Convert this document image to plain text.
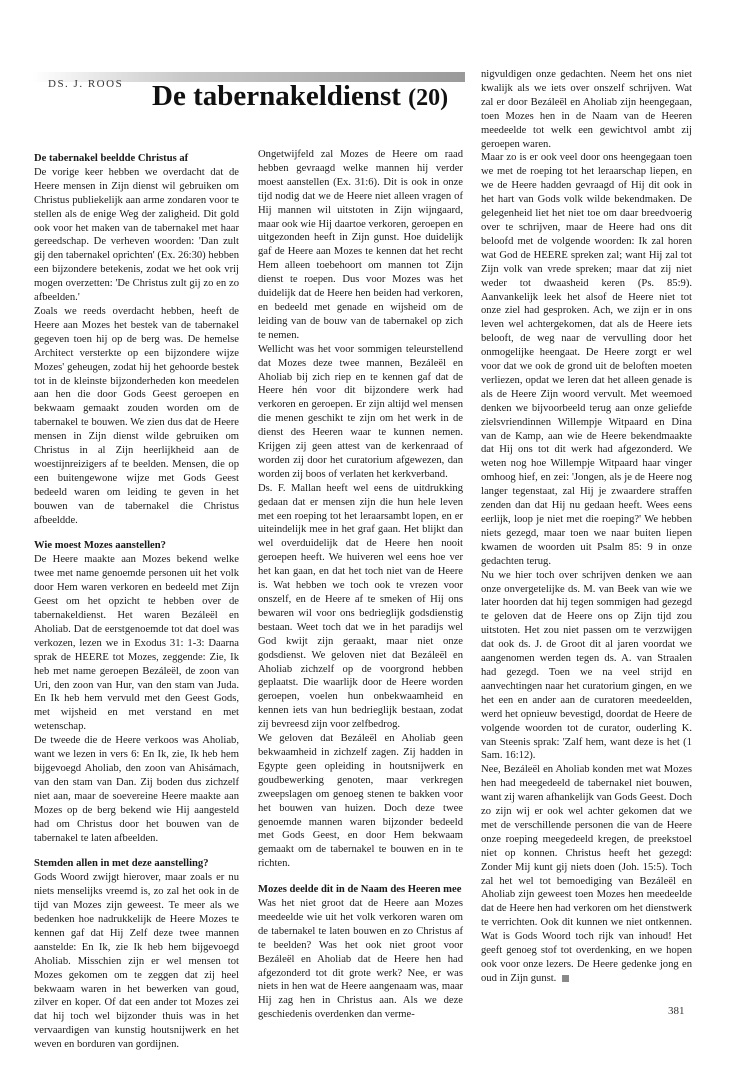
DS. J. ROOS De tabernakeldienst (20)

De tabernakel beeldde Christus af

De vorige keer hebben we overdacht dat de Heere mensen in Zijn dienst wil gebruiken om Christus publiekelijk aan arme zondaren voor te stellen als de enige Weg der zaligheid. Dit gold ook voor het maken van de tabernakel met haar gereedschap. De verheven woorden: 'Dan zult gij den tabernakel oprichten' (Ex. 26:30) hebben een bijzondere betekenis, zodat we het ook vrij mogen overzetten: 'De Christus zult gij zo en zo afbeelden.'

Zoals we reeds overdacht hebben, heeft de Heere aan Mozes het bestek van de tabernakel gegeven toen hij op de berg was. De hemelse Architect versterkte op een bijzondere wijze Mozes' geheugen, zodat hij het gehoorde bestek tot in de kleinste bijzonderheden kon meedelen aan hen die door Gods Geest geroepen en bekwaam gemaakt zouden worden om de tabernakel te bouwen. We zien dus dat de Heere mensen in Zijn dienst wilde gebruiken om Christus in al Zijn heerlijkheid aan de woestijnreizigers af te beelden. Mensen, die op een buitengewone wijze met Gods Geest bedeeld waren om leiding te geven in het bouwen van de tabernakel die Christus afbeeldde.

Wie moest Mozes aanstellen?

De Heere maakte aan Mozes bekend welke twee met name genoemde personen uit het volk door Hem waren verkoren en bedeeld met Zijn Geest om het opzicht te hebben over de tabernakeldienst. Het waren Bezáleël en Aholiab. Dat de eerstgenoemde tot dat doel was verkozen, lezen we in Exodus 31: 1-3: Daarna sprak de HEERE tot Mozes, zeggende: Zie, Ik heb met name geroepen Bezáleël, de zoon van Uri, den zoon van Hur, van den stam van Juda. En Ik heb hem vervuld met den Geest Gods, met wijsheid en met verstand en met wetenschap.

De tweede die de Heere verkoos was Aholiab, want we lezen in vers 6: En Ik, zie, Ik heb hem bijgevoegd Aholiab, den zoon van Ahisámach, van den stam van Dan. Zij boden dus zichzelf niet aan, maar de soevereine Heere maakte aan Mozes op de berg bekend wie Hij aangesteld had om Christus door het bouwen van de tabernakel te laten afbeelden.

Stemden allen in met deze aanstelling?

Gods Woord zwijgt hierover, maar zoals er nu niets menselijks vreemd is, zo zal het ook in de tijd van Mozes zijn geweest. Te meer als we bedenken hoe nadrukkelijk de Heere Mozes te kennen gaf dat Hij Zelf deze twee mannen aanstelde: En Ik, zie Ik heb hem bijgevoegd Aholiab. Misschien zijn er wel mensen tot Mozes gekomen om te zeggen dat zij heel bekwaam waren in het bewerken van goud, zilver en koper. Of dat een ander tot Mozes zei dat hij toch wel bijzonder thuis was in het vervaardigen van kunstig houtsnijwerk en het weven en borduren van gordijnen.

Ongetwijfeld zal Mozes de Heere om raad hebben gevraagd welke mannen hij verder moest aanstellen (Ex. 31:6). Dit is ook in onze tijd nodig dat we de Heere niet alleen vragen of Hij mannen wil uitstoten in Zijn wijngaard, maar ook wie Hij daartoe verkoren, geroepen en uitgezonden heeft in Zijn gunst. Hoe duidelijk gaf de Heere aan Mozes te kennen dat het recht Hem alleen toebehoort om mannen tot Zijn dienst te roepen. Dus voor Mozes was het duidelijk dat de Heere hen beiden had verkoren, en bedeeld met genade en wijsheid om de leiding van de bouw van de tabernakel op zich te nemen.

Wellicht was het voor sommigen teleurstellend dat Mozes deze twee mannen, Bezáleël en Aholiab bij zich riep en te kennen gaf dat de Heere hén voor dit bijzondere werk had verkoren en geroepen. Er zijn altijd wel mensen die menen geschikt te zijn om het werk in de dienst des Heeren waar te kunnen nemen. Krijgen zij geen attest van de kerkenraad of worden zij door het curatorium afgewezen, dan worden zij boos of verlaten het kerkverband.

Ds. F. Mallan heeft wel eens de uitdrukking gedaan dat er mensen zijn die hun hele leven met een roeping tot het leraarsambt lopen, en er uiteindelijk mee in het graf gaan. Het blijkt dan wel overduidelijk dat de Heere hen nooit geroepen heeft. We huiveren wel eens hoe ver het kan gaan, en dat het toch niet van de Heere is. Wat hebben we toch ook te vrezen voor onszelf, en de Heere af te smeken of Hij ons bewaren wil voor ons bedrieglijk godsdienstig bestaan. Weet toch dat we in het paradijs wel God kwijt zijn geraakt, maar niet onze godsdienst. We geloven niet dat Bezáleël en Aholiab zichzelf op de voorgrond hebben geplaatst. Die waarlijk door de Heere worden geroepen, voelen hun onbekwaamheid en kennen iets van hun bedrieglijk bestaan, zodat zij bevreesd zijn voor zelfbedrog.

We geloven dat Bezáleël en Aholiab geen bekwaamheid in zichzelf zagen. Zij hadden in Egypte geen opleiding in houtsnijwerk en goudbewerking genoten, maar verkregen zweepslagen om genoeg stenen te bakken voor het bouwen van huizen. Doch deze twee genoemde mannen waren bijzonder bedeeld met Gods Geest, en door Hem bekwaam gemaakt om de tabernakel te bouwen en in te richten.

Mozes deelde dit in de Naam des Heeren mee

Was het niet groot dat de Heere aan Mozes meedeelde wie uit het volk verkoren waren om de tabernakel te laten bouwen en zo Christus af te beelden? Was het ook niet groot voor Bezáleël en Aholiab dat de Heere hen had afgezonderd tot dit grote werk? Nee, er was niets in hen wat de Heere aangenaam was, maar Hij zag hen in Christus aan. Als we deze geschiedenis overdenken dan verme-

nigvuldigen onze gedachten. Neem het ons niet kwalijk als we iets over onszelf schrijven. Wat zal er door Bezáleël en Aholiab zijn heengegaan, toen Mozes hen in de Naam van de Heeren meedeelde tot welk een gewichtvol ambt zij geroepen waren.

Maar zo is er ook veel door ons heengegaan toen we met de roeping tot het leraarschap liepen, en we de Heere hadden gevraagd of Hij dit ook in het hart van Gods volk wilde bekendmaken. De gelegenheid liet het niet toe om daar breedvoerig over te schrijven, maar de Heere had ons dit beloofd met de volgende woorden: Ik zal horen wat God de HEERE spreken zal; want Hij zal tot Zijn volk van vrede spreken; maar dat zij niet weder tot dwaasheid keren (Ps. 85:9). Aanvankelijk leek het alsof de Heere niet tot onze ziel had gesproken. Ach, we zijn er in ons leven wel achtergekomen, dat als de Heere iets belooft, de weg naar de vervulling door het onmogelijke heengaat. De Heere zorgt er wel voor dat we ook de grond uit de beloften moeten verliezen, opdat we leren dat het alleen genade is als de Heere Zijn woord vervult. Met weemoed denken we bijvoorbeeld terug aan onze geliefde zielsvriendinnen Willempje Witpaard en Dina van de Kamp, aan wie de Heere bekendmaakte dat Hij ons tot dit werk had afgezonderd. We weten nog hoe Willempje Witpaard haar vinger omhoog hief, en zei: 'Jongen, als je de Heere nog langer tegenstaat, zal Hij je zwaardere straffen zenden dan dat Hij nu gedaan heeft. Wees eens eerlijk, loop je niet met die roeping?' We hebben niets gezegd, maar toen we naar buiten liepen kwamen de woorden uit Psalm 85: 9 in onze gedachten terug.

Nu we hier toch over schrijven denken we aan onze onvergetelijke ds. M. van Beek van wie we later hoorden dat hij tegen sommigen had gezegd te geloven dat de Heere ons op Zijn tijd zou uitstoten. Het zou niet passen om te verzwijgen dat ook ds. J. de Groot dit al jaren voordat we aangenomen werden tegen ds. A. van Straalen had gezegd. Toen we na veel strijd en aanvechtingen naar het curatorium gingen, en we het een en ander aan de curatoren meedeelden, werd het opnieuw bevestigd, doordat de Heere de volgende woorden tot de curator, ouderling K. van Steenis sprak: 'Zalf hem, want deze is het (1 Sam. 16:12).

Nee, Bezáleël en Aholiab konden met wat Mozes hen had meegedeeld de tabernakel niet bouwen, want zij waren afhankelijk van Gods Geest. Doch zo zijn wij er ook wel achter gekomen dat we met de verschillende personen die van de Heere onze roeping meegedeeld kregen, de preekstoel niet op konnen. Christus heeft het gezegd: Zonder Mij kunt gij niets doen (Joh. 15:5). Toch zal het wel tot bemoediging van Bezáleël en Aholiab zijn geweest toen Mozes hen meedeelde dat de Heere hen had verkoren om het dienstwerk te verrichten. Ook dit kunnen we niet ontkennen. Wat is Gods Woord toch rijk van inhoud! Het geeft genoeg stof tot overdenking, en we hopen ook voor onze lezers. De Heere gedenke jong en oud in Zijn gunst.

381
